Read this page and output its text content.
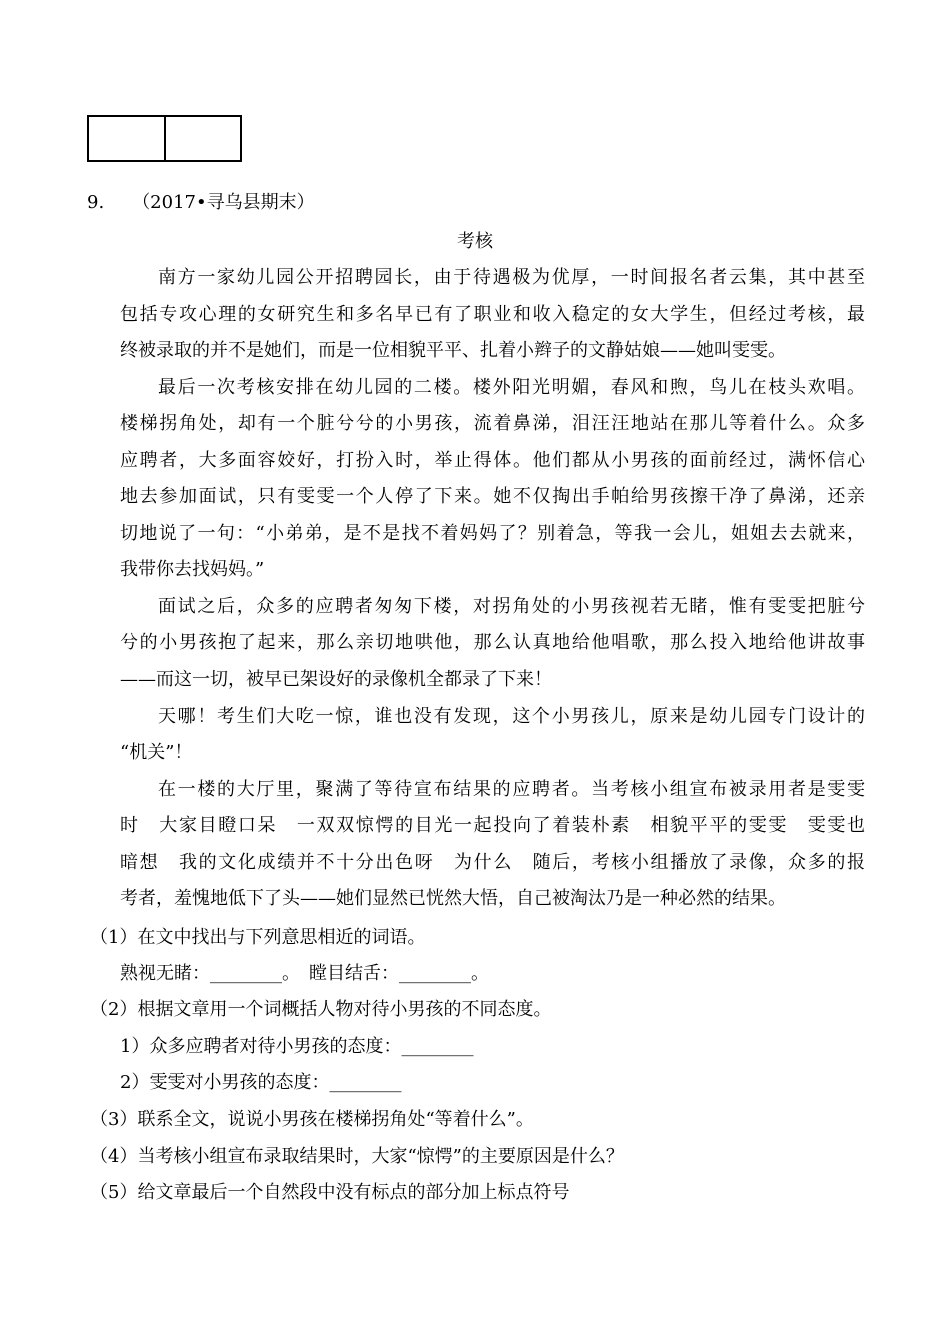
9. （2017•寻乌县期末）
考核
南方一家幼儿园公开招聘园长，由于待遇极为优厚，一时间报名者云集，其中甚至
包括专攻心理的女研究生和多名早已有了职业和收入稳定的女大学生，但经过考核，最
终被录取的并不是她们，而是一位相貌平平、扎着小辫子的文静姑娘——她叫雯雯。
最后一次考核安排在幼儿园的二楼。楼外阳光明媚，春风和煦，鸟儿在枝头欢唱。
楼梯拐角处，却有一个脏兮兮的小男孩，流着鼻涕，泪汪汪地站在那儿等着什么。众多
应聘者，大多面容姣好，打扮入时，举止得体。他们都从小男孩的面前经过，满怀信心
地去参加面试，只有雯雯一个人停了下来。她不仅掏出手帕给男孩擦干净了鼻涕，还亲
切地说了一句：“小弟弟，是不是找不着妈妈了？别着急，等我一会儿，姐姐去去就来，
我带你去找妈妈。”
面试之后，众多的应聘者匆匆下楼，对拐角处的小男孩视若无睹，惟有雯雯把脏兮
兮的小男孩抱了起来，那么亲切地哄他，那么认真地给他唱歌，那么投入地给他讲故事
——而这一切，被早已架设好的录像机全都录了下来！
天哪！考生们大吃一惊，谁也没有发现，这个小男孩儿，原来是幼儿园专门设计的
“机关”！
在一楼的大厅里，聚满了等待宣布结果的应聘者。当考核小组宣布被录用者是雯雯
时　大家目瞪口呆　一双双惊愕的目光一起投向了着装朴素　相貌平平的雯雯　雯雯也
暗想　我的文化成绩并不十分出色呀　为什么　随后，考核小组播放了录像，众多的报
考者，羞愧地低下了头——她们显然已恍然大悟，自己被淘汰乃是一种必然的结果。
（1）在文中找出与下列意思相近的词语。
熟视无睹：________。　瞠目结舌：________。
（2）根据文章用一个词概括人物对待小男孩的不同态度。
1）众多应聘者对待小男孩的态度：________
2）雯雯对小男孩的态度：________
（3）联系全文，说说小男孩在楼梯拐角处“等着什么”。
（4）当考核小组宣布录取结果时，大家“惊愕”的主要原因是什么？
（5）给文章最后一个自然段中没有标点的部分加上标点符号
